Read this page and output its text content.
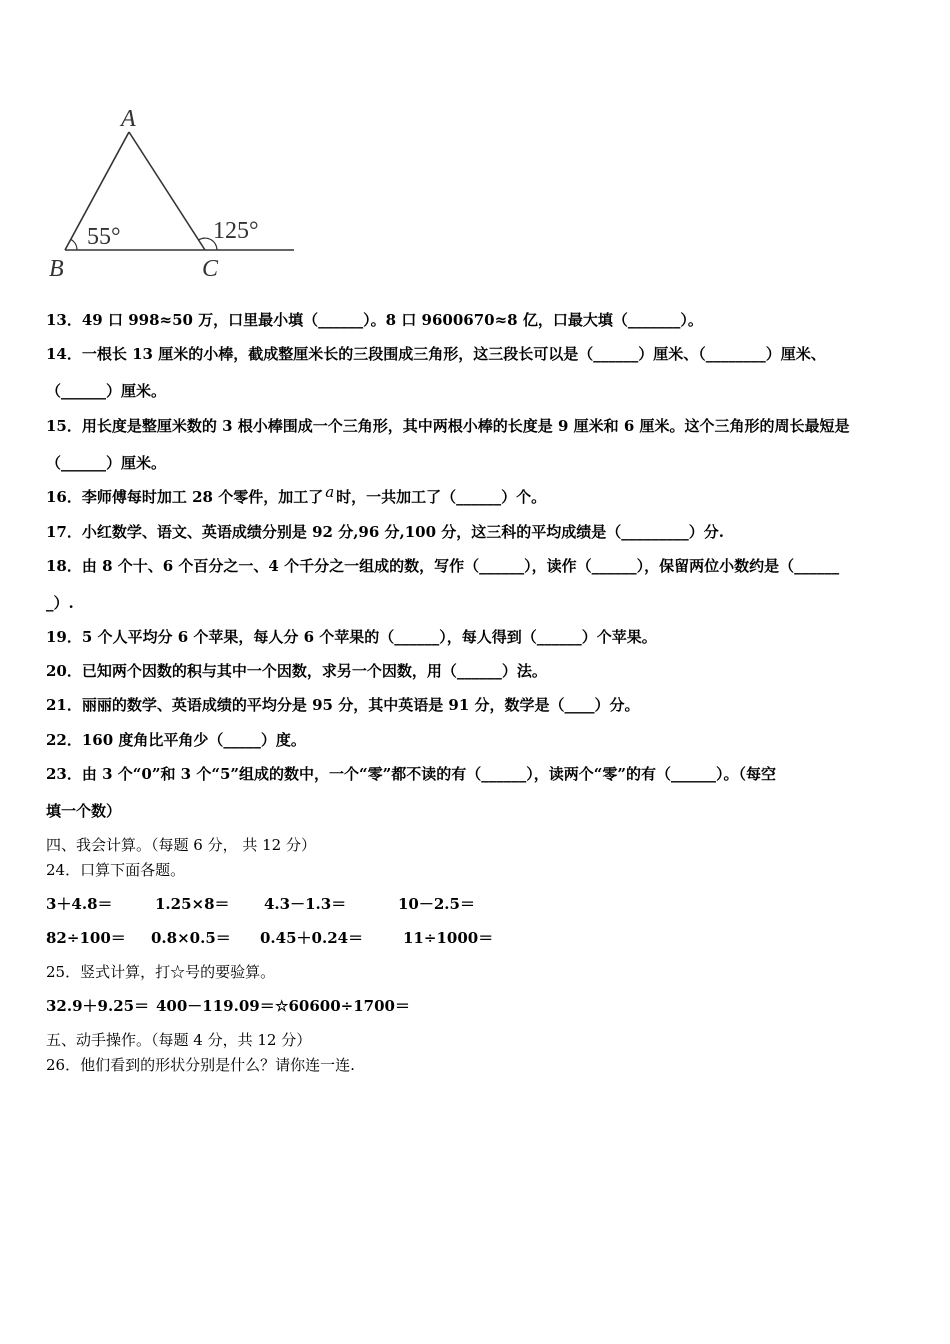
A
B	C
55°	125°
13．49 口 998≈50 万，口里最小填（______）。8 口 9600670≈8 亿，口最大填（_______）。
14．一根长 13 厘米的小棒，截成整厘米长的三段围成三角形，这三段长可以是（______）厘米、（________）厘米、
（______）厘米。
15．用长度是整厘米数的 3 根小棒围成一个三角形，其中两根小棒的长度是 9 厘米和 6 厘米。这个三角形的周长最短是
（______）厘米。
16．李师傅每时加工 28 个零件，加工了 a 时，一共加工了（______）个。
17．小红数学、语文、英语成绩分别是 92 分,96 分,100 分，这三科的平均成绩是（_________）分.
18．由 8 个十、6 个百分之一、4 个千分之一组成的数，写作（______），读作（______），保留两位小数约是（______
_）.
19．5 个人平均分 6 个苹果，每人分 6 个苹果的（______），每人得到（______）个苹果。
20．已知两个因数的积与其中一个因数，求另一个因数，用（______）法。
21．丽丽的数学、英语成绩的平均分是 95 分，其中英语是 91 分，数学是（____）分。
22．160 度角比平角少（_____）度。
23．由 3 个“0”和 3 个“5”组成的数中，一个“零”都不读的有（______），读两个“零”的有（______）。（每空
填一个数）
四、我会计算。（每题 6 分， 共 12 分）
24．口算下面各题。
3＋4.8＝	1.25×8＝ 4.3－1.3＝	10－2.5＝
82÷100＝ 0.8×0.5＝ 0.45＋0.24＝	11÷1000＝
25．竖式计算，打☆号的要验算。
32.9＋9.25＝ 400－119.09＝ ☆60600÷1700＝
五、动手操作。（每题 4 分，共 12 分）
26．他们看到的形状分别是什么？请你连一连.
